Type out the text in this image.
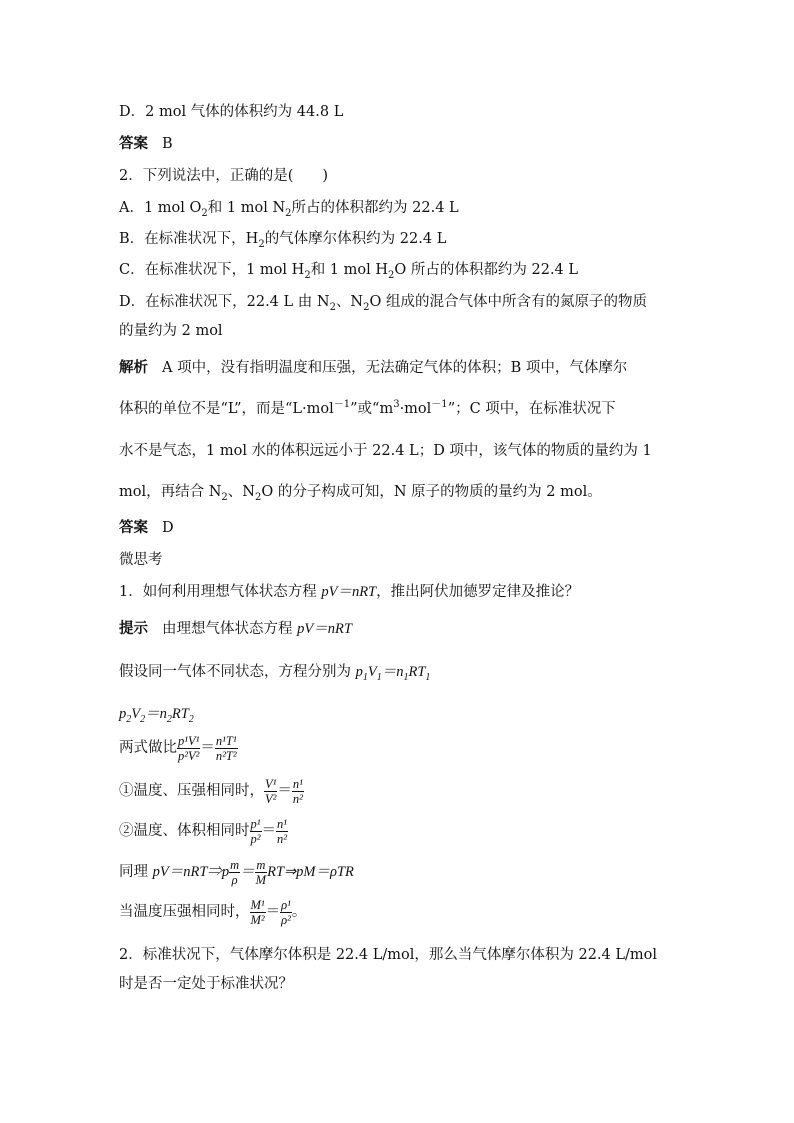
D．2 mol 气体的体积约为 44.8 L
答案 B
2．下列说法中，正确的是(　　)
A．1 mol $O_2$和 1 mol $N_2$所占的体积都约为 22.4 L
B．在标准状况下，$H_2$的气体摩尔体积约为 22.4 L
C．在标准状况下，1 mol $H_2$和 1 mol $H_2O$ 所占的体积都约为 22.4 L
D．在标准状况下，22.4 L 由 $N_2$、$N_2O$ 组成的混合气体中所含有的氮原子的物质
的量约为 2 mol
解析 A 项中，没有指明温度和压强，无法确定气体的体积；B 项中，气体摩尔
体积的单位不是“L”，而是“L·mol$^{-1}$”或“$m^3\cdot mol^{-1}$”；C 项中，在标准状况下
水不是气态，1 mol 水的体积远远小于 22.4 L；D 项中，该气体的物质的量约为 1
mol，再结合 $N_2$、$N_2O$ 的分子构成可知，N 原子的物质的量约为 2 mol。
答案 D
微思考
1．如何利用理想气体状态方程 pV＝nRT，推出阿伏加德罗定律及推论？
提示 由理想气体状态方程 pV＝nRT
假设同一气体不同状态，方程分别为 $p_1V_1=n_1RT_1$
$p_2V_2=n_2RT_2$
两式做比 $\frac{\text{p¹V¹}}{\text{p²V²}} = \frac{\text{n¹T¹}}{\text{n²T²}}$
①温度、压强相同时， $\frac{\text{V¹}}{\text{V²}} = \frac{\text{n¹}}{\text{n²}}$
②温度、体积相同时 $\frac{\text{p¹}}{\text{p²}} = \frac{\text{n¹}}{\text{n²}}$
同理 pV＝nRT⇒p $\frac{m}{\rho} = \frac{m}{M}$ RT⇒pM＝ρTR
当温度压强相同时， $\frac{\text{M¹}}{\text{M²}} = \frac{\text{ρ¹}}{\text{ρ²}}$ 。
2．标准状况下，气体摩尔体积是 22.4 L/mol，那么当气体摩尔体积为 22.4 L/mol
时是否一定处于标准状况？
